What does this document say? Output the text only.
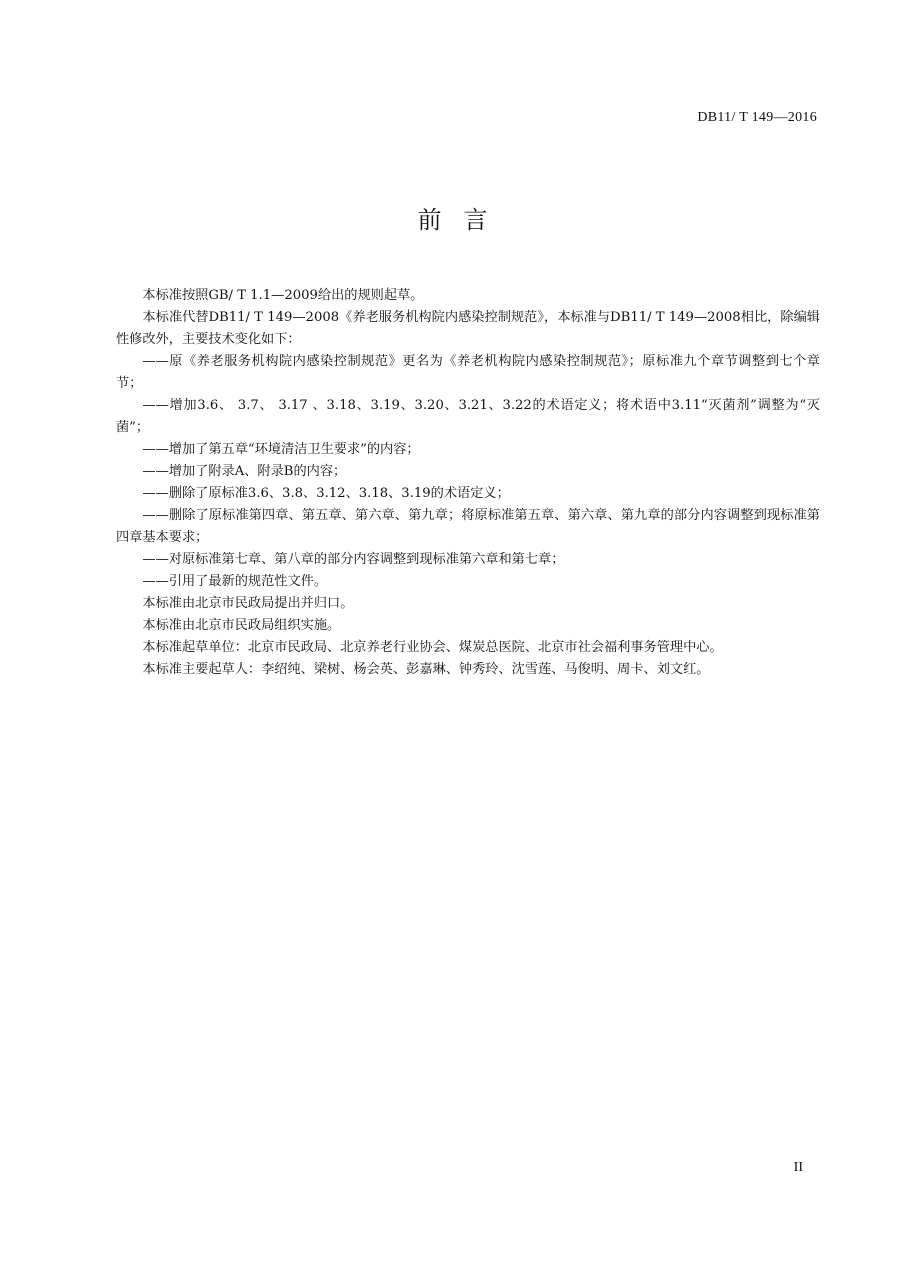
DB11/ T 149—2016
前言

本标准按照GB/ T 1.1—2009给出的规则起草。

本标准代替DB11/ T 149—2008《养老服务机构院内感染控制规范》，本标准与DB11/ T 149—2008相比，除编辑性修改外，主要技术变化如下：

——原《养老服务机构院内感染控制规范》更名为《养老机构院内感染控制规范》；原标准九个章节调整到七个章节；

——增加3.6、 3.7、 3.17 、3.18、3.19、3.20、3.21、3.22的术语定义；将术语中3.11“灭菌剂”调整为“灭菌”；

——增加了第五章“环境清洁卫生要求”的内容；

——增加了附录A、附录B的内容；

——删除了原标准3.6、3.8、3.12、3.18、3.19的术语定义；

——删除了原标准第四章、第五章、第六章、第九章；将原标准第五章、第六章、第九章的部分内容调整到现标准第四章基本要求；

——对原标准第七章、第八章的部分内容调整到现标准第六章和第七章；

——引用了最新的规范性文件。

本标准由北京市民政局提出并归口。

本标准由北京市民政局组织实施。

本标准起草单位：北京市民政局、北京养老行业协会、煤炭总医院、北京市社会福利事务管理中心。

本标准主要起草人：李绍纯、梁树、杨会英、彭嘉琳、钟秀玲、沈雪莲、马俊明、周卡、刘文红。

II
